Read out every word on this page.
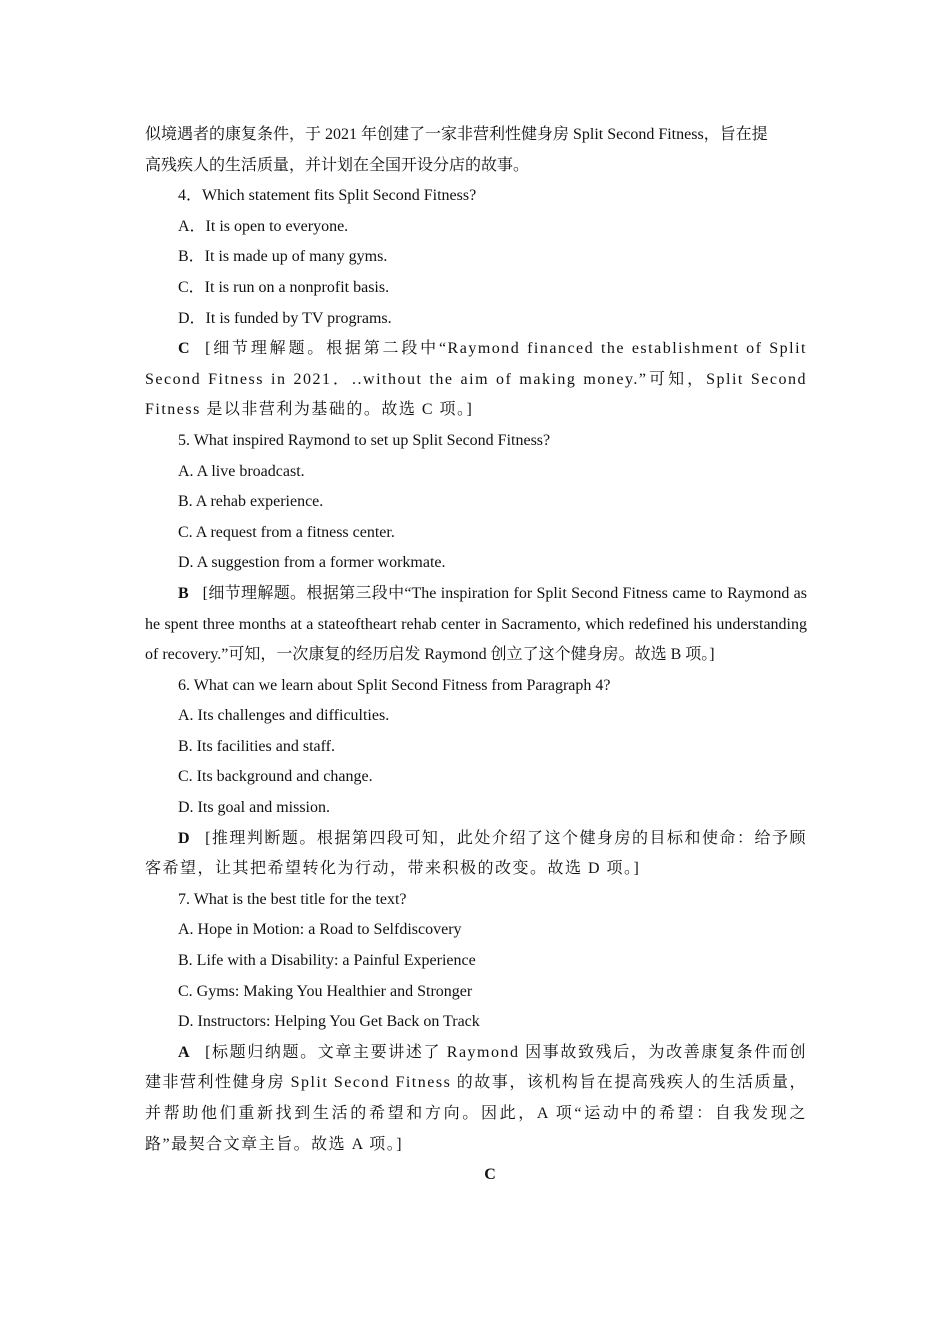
似境遇者的康复条件，于 2021 年创建了一家非营利性健身房 Split Second Fitness，旨在提

高残疾人的生活质量，并计划在全国开设分店的故事。

4．Which statement fits Split Second Fitness?

A．It is open to everyone.

B．It is made up of many gyms.

C．It is run on a nonprofit basis.

D．It is funded by TV programs.

C [细节理解题。根据第二段中“Raymond financed the establishment of Split Second Fitness in 2021．..without the aim of making money.”可知，Split Second Fitness 是以非营利为基础的。故选 C 项。]

5. What inspired Raymond to set up Split Second Fitness?

A. A live broadcast.

B. A rehab experience.

C. A request from a fitness center.

D. A suggestion from a former workmate.

B [细节理解题。根据第三段中“The inspiration for Split Second Fitness came to Raymond as he spent three months at a stateoftheart rehab center in Sacramento, which redefined his understanding of recovery.”可知，一次康复的经历启发 Raymond 创立了这个健身房。故选 B 项。]

6. What can we learn about Split Second Fitness from Paragraph 4?

A. Its challenges and difficulties.

B. Its facilities and staff.

C. Its background and change.

D. Its goal and mission.

D [推理判断题。根据第四段可知，此处介绍了这个健身房的目标和使命：给予顾客希望，让其把希望转化为行动，带来积极的改变。故选 D 项。]

7. What is the best title for the text?

A. Hope in Motion: a Road to Selfdiscovery

B. Life with a Disability: a Painful Experience

C. Gyms: Making You Healthier and Stronger

D. Instructors: Helping You Get Back on Track

A [标题归纳题。文章主要讲述了 Raymond 因事故致残后，为改善康复条件而创建非营利性健身房 Split Second Fitness 的故事，该机构旨在提高残疾人的生活质量，并帮助他们重新找到生活的希望和方向。因此，A 项“运动中的希望：自我发现之路”最契合文章主旨。故选 A 项。]

C
